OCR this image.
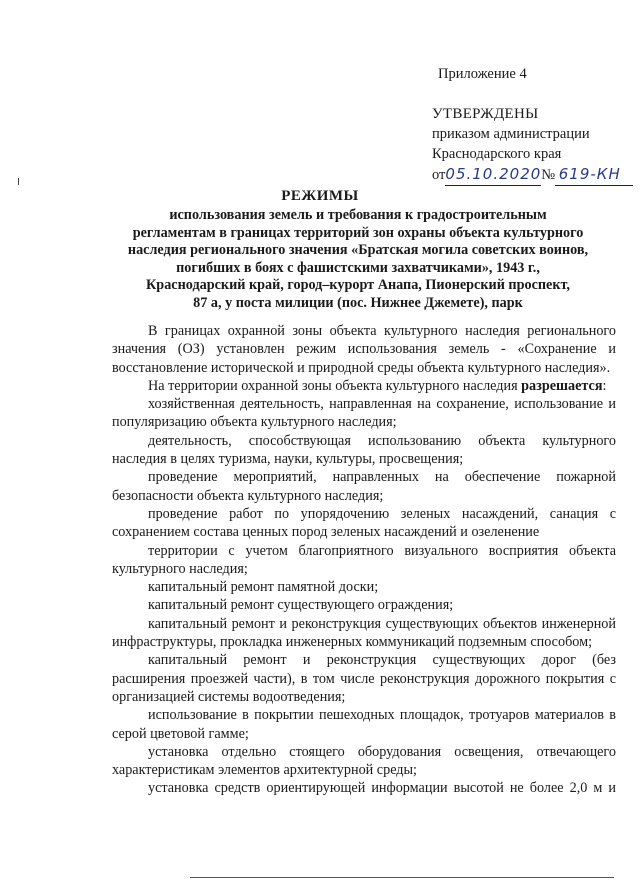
Приложение 4
УТВЕРЖДЕНЫ
приказом администрации
Краснодарского края
от05.10.2020№ 619-КН
РЕЖИМЫ
использования земель и требования к градостроительным
регламентам в границах территорий зон охраны объекта культурного
наследия регионального значения «Братская могила советских воинов,
погибших в боях с фашистскими захватчиками», 1943 г.,
Краснодарский край, город–курорт Анапа, Пионерский проспект,
87 а, у поста милиции (пос. Нижнее Джемете), парк

В границах охранной зоны объекта культурного наследия регионального значения (ОЗ) установлен режим использования земель - «Сохранение и восстановление исторической и природной среды объекта культурного наследия».

На территории охранной зоны объекта культурного наследия разрешается:

хозяйственная деятельность, направленная на сохранение, использование и популяризацию объекта культурного наследия;

деятельность, способствующая использованию объекта культурного наследия в целях туризма, науки, культуры, просвещения;

проведение мероприятий, направленных на обеспечение пожарной безопасности объекта культурного наследия;

проведение работ по упорядочению зеленых насаждений, санация с сохранением состава ценных пород зеленых насаждений и озеленение

территории с учетом благоприятного визуального восприятия объекта культурного наследия;

капитальный ремонт памятной доски;

капитальный ремонт существующего ограждения;

капитальный ремонт и реконструкция существующих объектов инженерной инфраструктуры, прокладка инженерных коммуникаций подземным способом;

капитальный ремонт и реконструкция существующих дорог (без расширения проезжей части), в том числе реконструкция дорожного покрытия с организацией системы водоотведения;

использование в покрытии пешеходных площадок, тротуаров материалов в серой цветовой гамме;

установка отдельно стоящего оборудования освещения, отвечающего характеристикам элементов архитектурной среды;

установка средств ориентирующей информации высотой не более 2,0 м и
